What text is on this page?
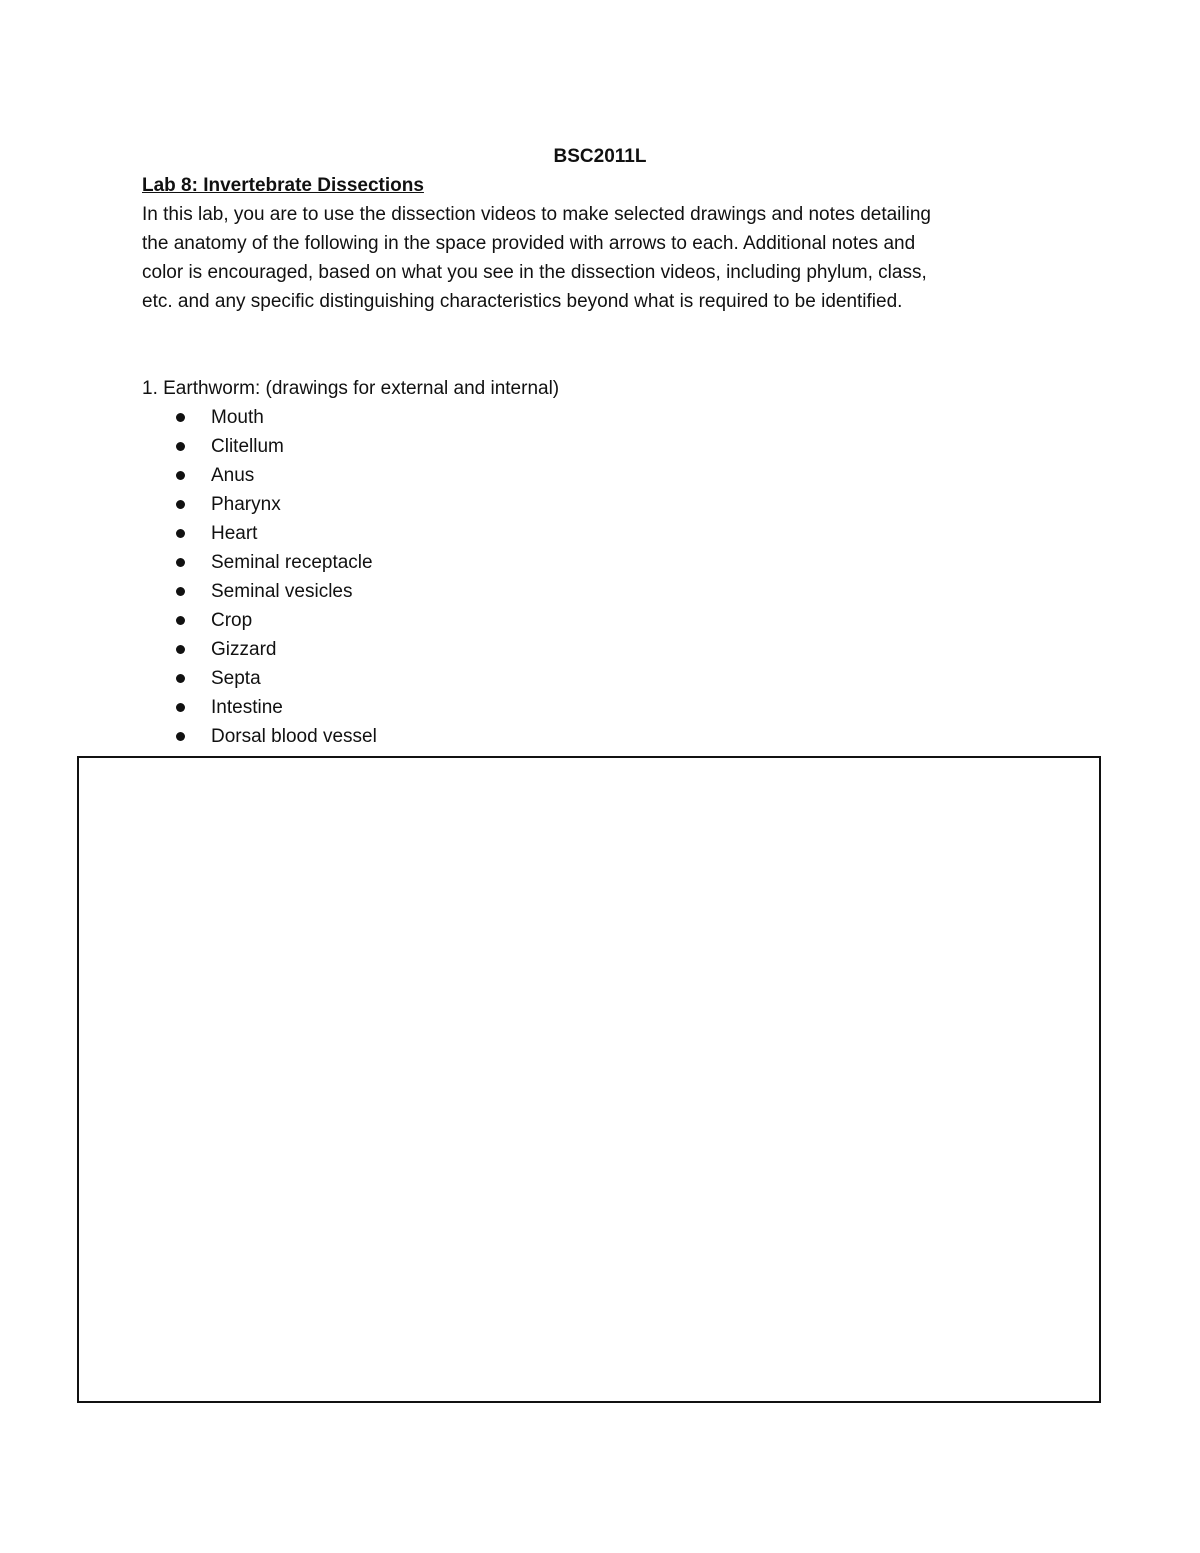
BSC2011L
Lab 8: Invertebrate Dissections
In this lab, you are to use the dissection videos to make selected drawings and notes detailing
the anatomy of the following in the space provided with arrows to each. Additional notes and
color is encouraged, based on what you see in the dissection videos, including phylum, class,
etc. and any specific distinguishing characteristics beyond what is required to be identified.
1. Earthworm: (drawings for external and internal)
Mouth
Clitellum
Anus
Pharynx
Heart
Seminal receptacle
Seminal vesicles
Crop
Gizzard
Septa
Intestine
Dorsal blood vessel
